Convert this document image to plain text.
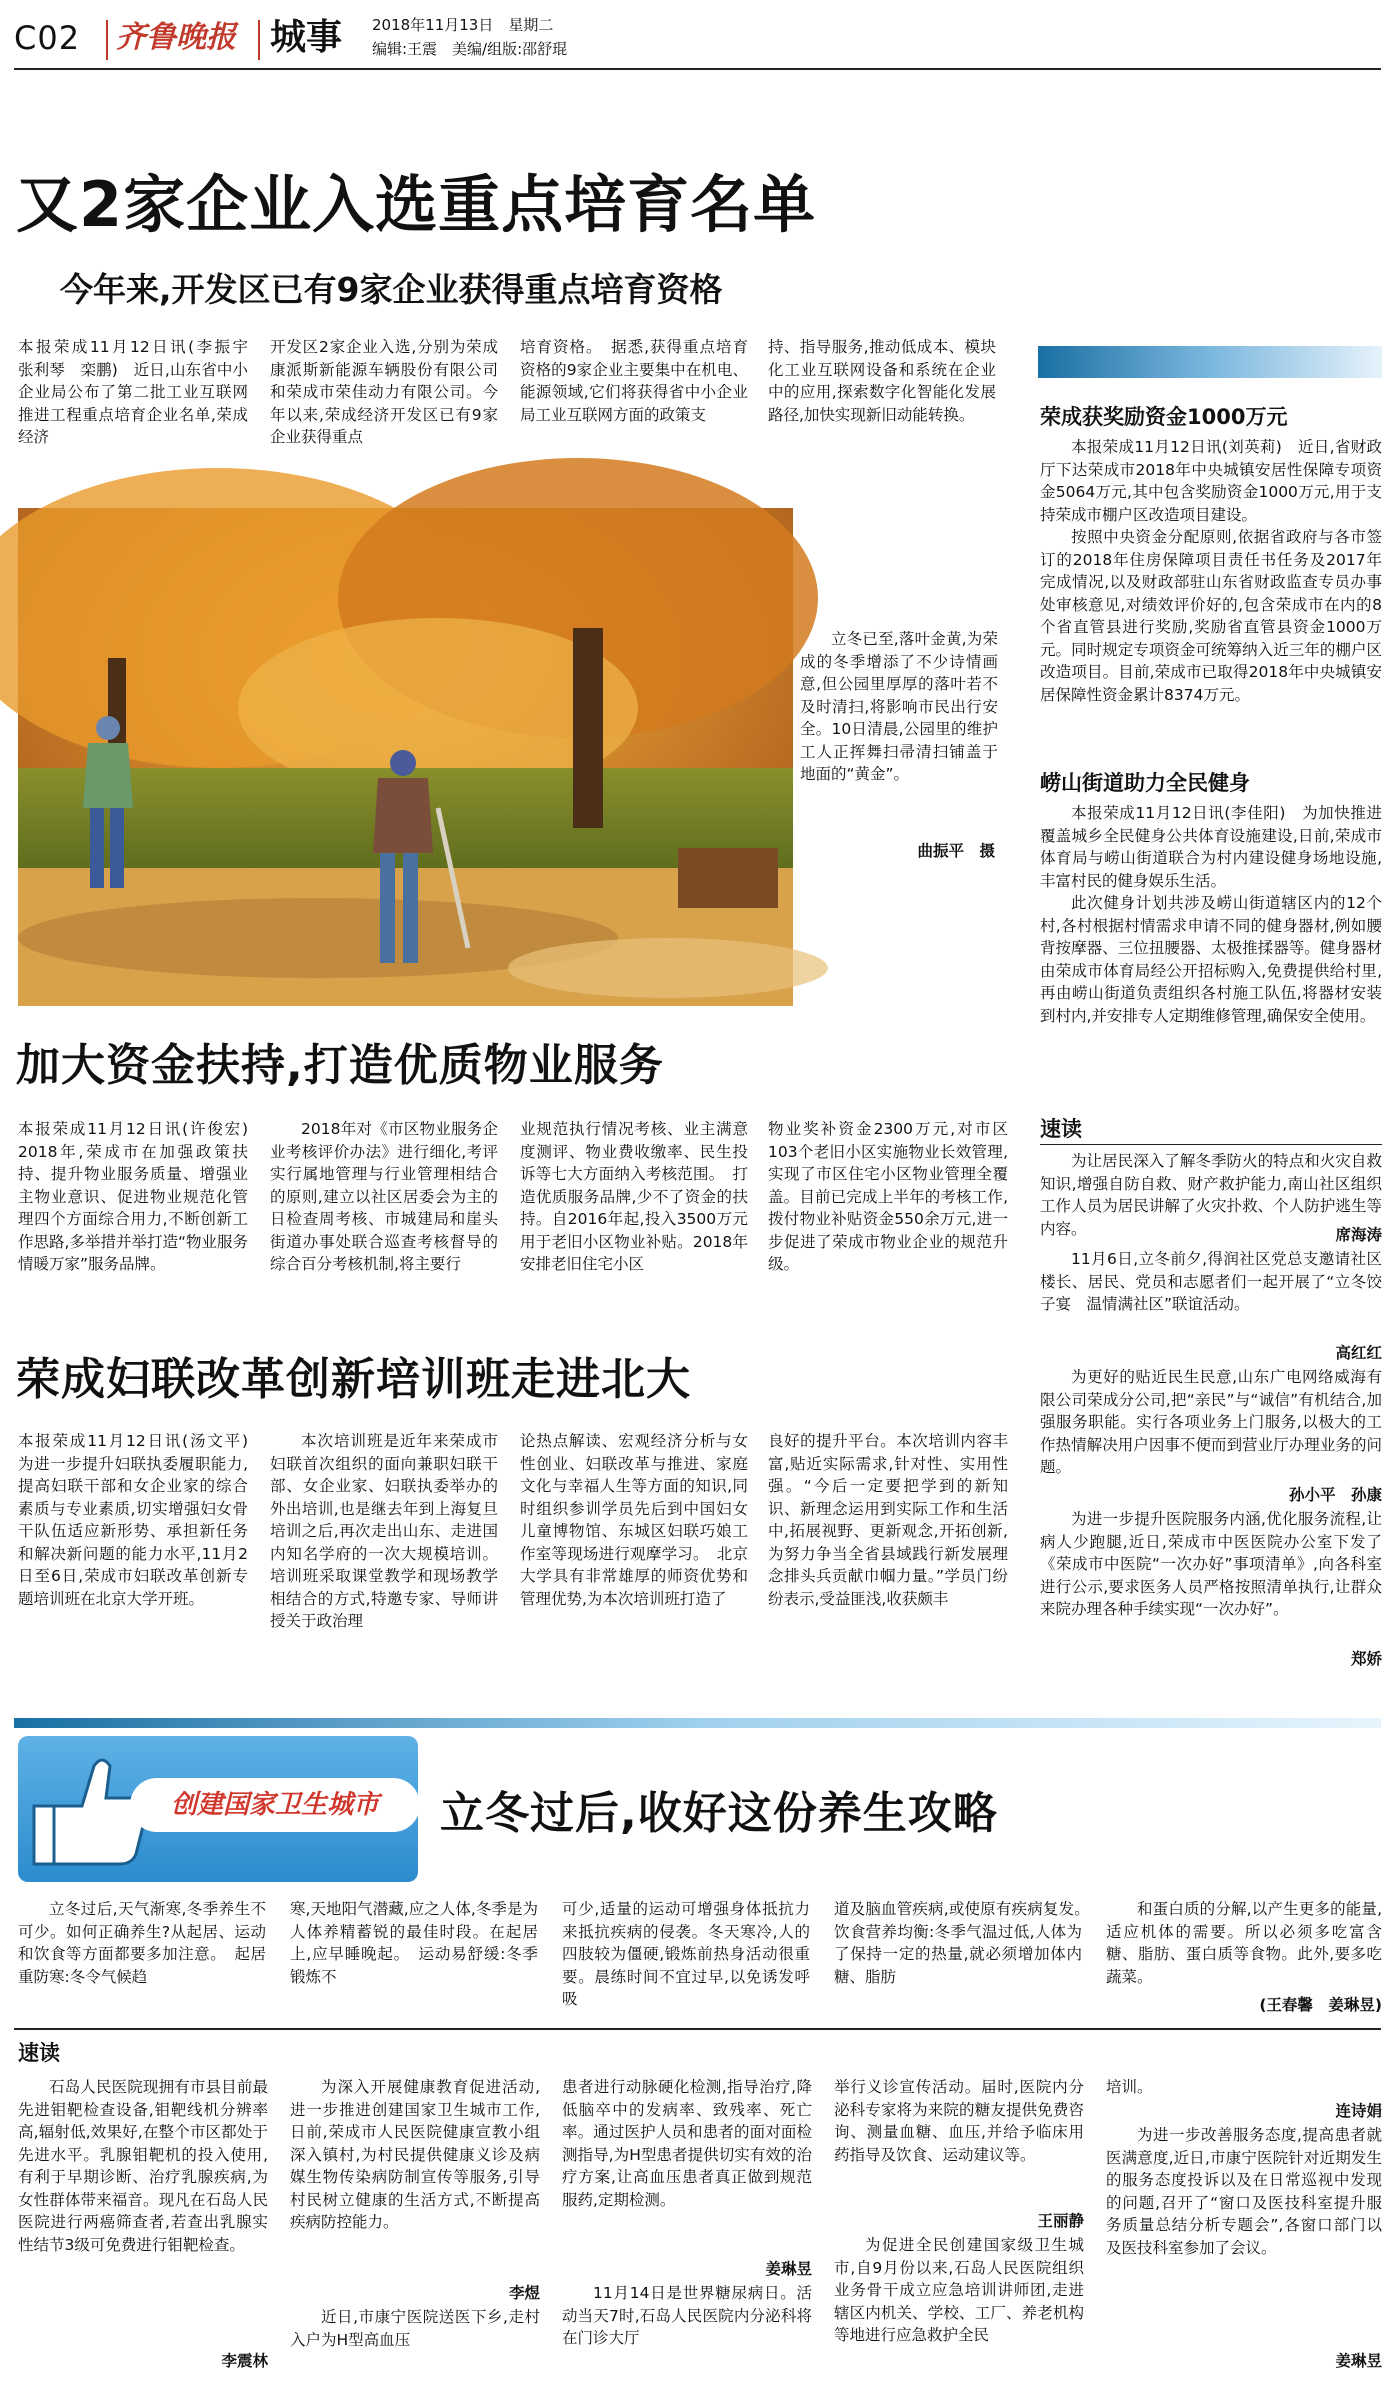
C02 齐鲁晚报 城事 2018年11月13日　星期二
编辑:王震　美编/组版:邵舒琨
又2家企业入选重点培育名单
今年来,开发区已有9家企业获得重点培育资格

本报荣成11月12日讯(李振宇　张利琴　栾鹏)　近日,山东省中小企业局公布了第二批工业互联网推进工程重点培育企业名单,荣成经济

开发区2家企业入选,分别为荣成康派斯新能源车辆股份有限公司和荣成市荣佳动力有限公司。今年以来,荣成经济开发区已有9家企业获得重点

培育资格。　据悉,获得重点培育资格的9家企业主要集中在机电、能源领域,它们将获得省中小企业局工业互联网方面的政策支

持、指导服务,推动低成本、模块化工业互联网设备和系统在企业中的应用,探索数字化智能化发展路径,加快实现新旧动能转换。

立冬已至,落叶金黄,为荣成的冬季增添了不少诗情画意,但公园里厚厚的落叶若不及时清扫,将影响市民出行安全。10日清晨,公园里的维护工人正挥舞扫帚清扫铺盖于地面的“黄金”。

曲振平　摄
荣成获奖励资金1000万元

本报荣成11月12日讯(刘英莉)　近日,省财政厅下达荣成市2018年中央城镇安居性保障专项资金5064万元,其中包含奖励资金1000万元,用于支持荣成市棚户区改造项目建设。

按照中央资金分配原则,依据省政府与各市签订的2018年住房保障项目责任书任务及2017年完成情况,以及财政部驻山东省财政监查专员办事处审核意见,对绩效评价好的,包含荣成市在内的8个省直管县进行奖励,奖励省直管县资金1000万元。同时规定专项资金可统筹纳入近三年的棚户区改造项目。目前,荣成市已取得2018年中央城镇安居保障性资金累计8374万元。

崂山街道助力全民健身

本报荣成11月12日讯(李佳阳)　为加快推进覆盖城乡全民健身公共体育设施建设,日前,荣成市体育局与崂山街道联合为村内建设健身场地设施,丰富村民的健身娱乐生活。

此次健身计划共涉及崂山街道辖区内的12个村,各村根据村情需求申请不同的健身器材,例如腰背按摩器、三位扭腰器、太极推揉器等。健身器材由荣成市体育局经公开招标购入,免费提供给村里,再由崂山街道负责组织各村施工队伍,将器材安装到村内,并安排专人定期维修管理,确保安全使用。

速读

为让居民深入了解冬季防火的特点和火灾自救知识,增强自防自救、财产救护能力,南山社区组织工作人员为居民讲解了火灾扑救、个人防护逃生等内容。	席海涛

11月6日,立冬前夕,得润社区党总支邀请社区楼长、居民、党员和志愿者们一起开展了“立冬饺子宴　温情满社区”联谊活动。

高红红

为更好的贴近民生民意,山东广电网络威海有限公司荣成分公司,把“亲民”与“诚信”有机结合,加强服务职能。实行各项业务上门服务,以极大的工作热情解决用户因事不便而到营业厅办理业务的问题。

孙小平　孙康

为进一步提升医院服务内涵,优化服务流程,让病人少跑腿,近日,荣成市中医医院办公室下发了《荣成市中医院“一次办好”事项清单》,向各科室进行公示,要求医务人员严格按照清单执行,让群众来院办理各种手续实现“一次办好”。

郑娇
加大资金扶持,打造优质物业服务

本报荣成11月12日讯(许俊宏)　2018年,荣成市在加强政策扶持、提升物业服务质量、增强业主物业意识、促进物业规范化管理四个方面综合用力,不断创新工作思路,多举措并举打造“物业服务情暖万家”服务品牌。

2018年对《市区物业服务企业考核评价办法》进行细化,考评实行属地管理与行业管理相结合的原则,建立以社区居委会为主的日检查周考核、市城建局和崖头街道办事处联合巡查考核督导的综合百分考核机制,将主要行

业规范执行情况考核、业主满意度测评、物业费收缴率、民生投诉等七大方面纳入考核范围。　打造优质服务品牌,少不了资金的扶持。自2016年起,投入3500万元用于老旧小区物业补贴。2018年安排老旧住宅小区

物业奖补资金2300万元,对市区103个老旧小区实施物业长效管理,实现了市区住宅小区物业管理全覆盖。目前已完成上半年的考核工作,拨付物业补贴资金550余万元,进一步促进了荣成市物业企业的规范升级。

荣成妇联改革创新培训班走进北大

本报荣成11月12日讯(汤文平)　为进一步提升妇联执委履职能力,提高妇联干部和女企业家的综合素质与专业素质,切实增强妇女骨干队伍适应新形势、承担新任务和解决新问题的能力水平,11月2日至6日,荣成市妇联改革创新专题培训班在北京大学开班。

本次培训班是近年来荣成市妇联首次组织的面向兼职妇联干部、女企业家、妇联执委举办的外出培训,也是继去年到上海复旦培训之后,再次走出山东、走进国内知名学府的一次大规模培训。培训班采取课堂教学和现场教学相结合的方式,特邀专家、导师讲授关于政治理

论热点解读、宏观经济分析与女性创业、妇联改革与推进、家庭文化与幸福人生等方面的知识,同时组织参训学员先后到中国妇女儿童博物馆、东城区妇联巧娘工作室等现场进行观摩学习。　北京大学具有非常雄厚的师资优势和管理优势,为本次培训班打造了

良好的提升平台。本次培训内容丰富,贴近实际需求,针对性、实用性强。“今后一定要把学到的新知识、新理念运用到实际工作和生活中,拓展视野、更新观念,开拓创新,为努力争当全省县域践行新发展理念排头兵贡献巾帼力量。”学员门纷纷表示,受益匪浅,收获颇丰

创建国家卫生城市	立冬过后,收好这份养生攻略

立冬过后,天气渐寒,冬季养生不可少。如何正确养生?从起居、运动和饮食等方面都要多加注意。　起居重防寒:冬令气候趋

寒,天地阳气潜藏,应之人体,冬季是为人体养精蓄锐的最佳时段。在起居上,应早睡晚起。　运动易舒缓:冬季锻炼不

可少,适量的运动可增强身体抵抗力来抵抗疾病的侵袭。冬天寒冷,人的四肢较为僵硬,锻炼前热身活动很重要。晨练时间不宜过早,以免诱发呼吸

道及脑血管疾病,或使原有疾病复发。　饮食营养均衡:冬季气温过低,人体为了保持一定的热量,就必须增加体内糖、脂肪

和蛋白质的分解,以产生更多的能量,适应机体的需要。所以必须多吃富含糖、脂肪、蛋白质等食物。此外,要多吃蔬菜。

(王春馨　姜琳昱)
速读

石岛人民医院现拥有市县目前最先进钼靶检查设备,钼靶线机分辨率高,辐射低,效果好,在整个市区都处于先进水平。乳腺钼靶机的投入使用,有利于早期诊断、治疗乳腺疾病,为女性群体带来福音。现凡在石岛人民医院进行两癌筛查者,若查出乳腺实性结节3级可免费进行钼靶检查。

李震林

为深入开展健康教育促进活动,进一步推进创建国家卫生城市工作,日前,荣成市人民医院健康宣教小组深入镇村,为村民提供健康义诊及病媒生物传染病防制宣传等服务,引导村民树立健康的生活方式,不断提高疾病防控能力。

李煜

近日,市康宁医院送医下乡,走村入户为H型高血压

患者进行动脉硬化检测,指导治疗,降低脑卒中的发病率、致残率、死亡率。通过医护人员和患者的面对面检测指导,为H型患者提供切实有效的治疗方案,让高血压患者真正做到规范服药,定期检测。

姜琳昱

11月14日是世界糖尿病日。活动当天7时,石岛人民医院内分泌科将在门诊大厅

举行义诊宣传活动。届时,医院内分泌科专家将为来院的糖友提供免费咨询、测量血糖、血压,并给予临床用药指导及饮食、运动建议等。

王丽静

为促进全民创建国家级卫生城市,自9月份以来,石岛人民医院组织业务骨干成立应急培训讲师团,走进辖区内机关、学校、工厂、养老机构等地进行应急救护全民

培训。

连诗娟

为进一步改善服务态度,提高患者就医满意度,近日,市康宁医院针对近期发生的服务态度投诉以及在日常巡视中发现的问题,召开了“窗口及医技科室提升服务质量总结分析专题会”,各窗口部门以及医技科室参加了会议。

姜琳昱
